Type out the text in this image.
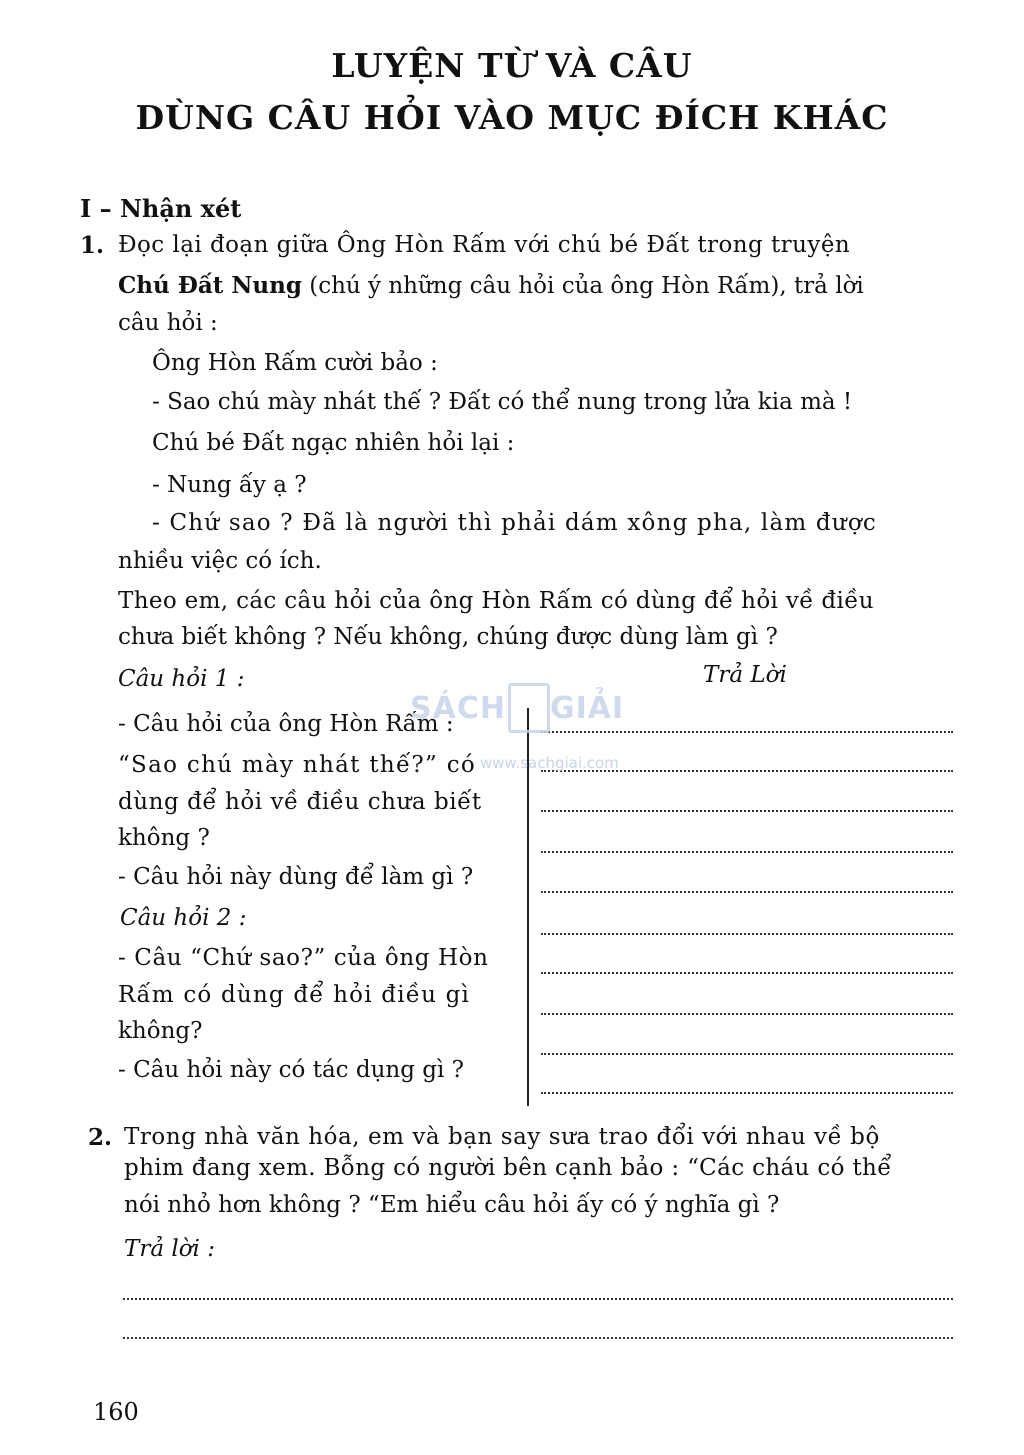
LUYỆN TỪ VÀ CÂU
DÙNG CÂU HỎI VÀO MỤC ĐÍCH KHÁC
I – Nhận xét
1. Đọc lại đoạn giữa Ông Hòn Rấm với chú bé Đất trong truyện
Chú Đất Nung (chú ý những câu hỏi của ông Hòn Rấm), trả lời
câu hỏi :
Ông Hòn Rấm cười bảo :
- Sao chú mày nhát thế ? Đất có thể nung trong lửa kia mà !
Chú bé Đất ngạc nhiên hỏi lại :
- Nung ấy ạ ?
- Chứ sao ? Đã là người thì phải dám xông pha, làm được
nhiều việc có ích.
Theo em, các câu hỏi của ông Hòn Rấm có dùng để hỏi về điều
chưa biết không ? Nếu không, chúng được dùng làm gì ?
Câu hỏi 1 :	Trả Lời
- Câu hỏi của ông Hòn Rấm :
“Sao chú mày nhát thế?” có
dùng để hỏi về điều chưa biết
không ?
- Câu hỏi này dùng để làm gì ?
Câu hỏi 2 :
- Câu “Chứ sao?” của ông Hòn
Rấm có dùng để hỏi điều gì
không?
- Câu hỏi này có tác dụng gì ?
SÁCH GIẢI
www.sachgiai.com
2. Trong nhà văn hóa, em và bạn say sưa trao đổi với nhau về bộ
phim đang xem. Bỗng có người bên cạnh bảo : “Các cháu có thể
nói nhỏ hơn không ? “Em hiểu câu hỏi ấy có ý nghĩa gì ?
Trả lời :
160
